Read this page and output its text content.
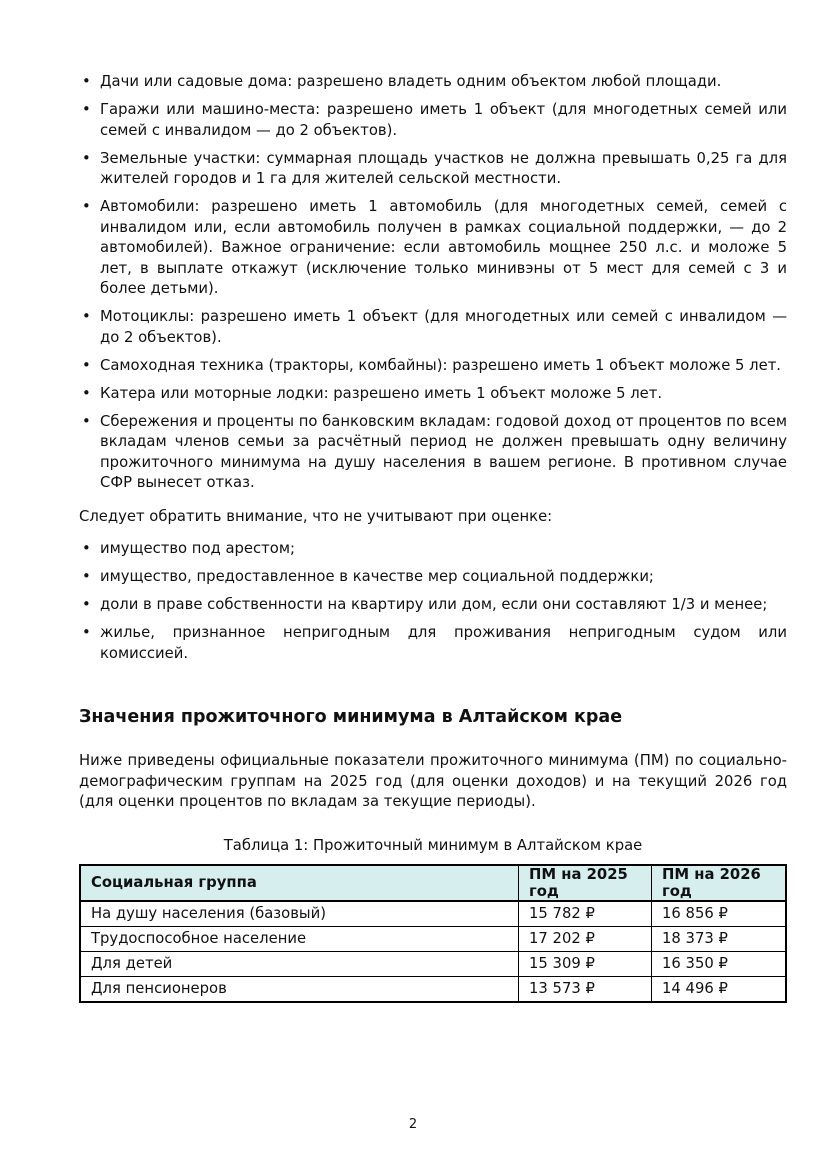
• Дачи или садовые дома: разрешено владеть одним объектом любой площади.
• Гаражи или машино-места: разрешено иметь 1 объект (для многодетных семей или семей с инвалидом — до 2 объектов).
• Земельные участки: суммарная площадь участков не должна превышать 0,25 га для жителей городов и 1 га для жителей сельской местности.
• Автомобили: разрешено иметь 1 автомобиль (для многодетных семей, семей с инвалидом или, если автомобиль получен в рамках социальной поддержки, — до 2 автомобилей). Важное ограничение: если автомобиль мощнее 250 л.с. и моложе 5 лет, в выплате откажут (исключение только минивэны от 5 мест для семей с 3 и более детьми).
• Мотоциклы: разрешено иметь 1 объект (для многодетных или семей с инвалидом — до 2 объектов).
• Самоходная техника (тракторы, комбайны): разрешено иметь 1 объект моложе 5 лет.
• Катера или моторные лодки: разрешено иметь 1 объект моложе 5 лет.
• Сбережения и проценты по банковским вкладам: годовой доход от процентов по всем вкладам членов семьи за расчётный период не должен превышать одну величину прожиточного минимума на душу населения в вашем регионе. В противном случае СФР вынесет отказ.

Следует обратить внимание, что не учитывают при оценке:

• имущество под арестом;
• имущество, предоставленное в качестве мер социальной поддержки;
• доли в праве собственности на квартиру или дом, если они составляют 1/3 и менее;
• жилье, признанное непригодным для проживания непригодным судом или комиссией.
Значения прожиточного минимума в Алтайском крае

Ниже приведены официальные показатели прожиточного минимума (ПМ) по социально-демографическим группам на 2025 год (для оценки доходов) и на текущий 2026 год (для оценки процентов по вкладам за текущие периоды).

Таблица 1: Прожиточный минимум в Алтайском крае
Социальная группа	ПМ на 2025 год	ПМ на 2026 год
На душу населения (базовый)	15 782 ₽	16 856 ₽
Трудоспособное население	17 202 ₽	18 373 ₽
Для детей	15 309 ₽	16 350 ₽
Для пенсионеров	13 573 ₽	14 496 ₽
2
